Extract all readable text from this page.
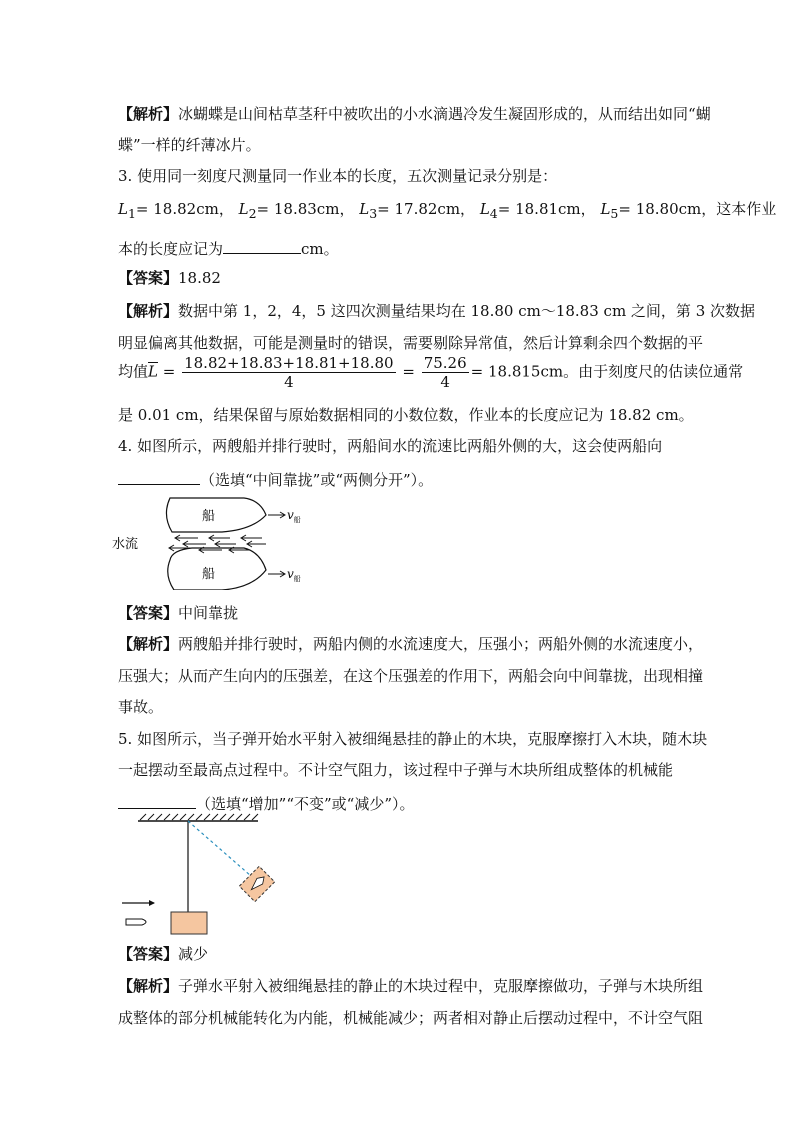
【解析】冰蝴蝶是山间枯草茎秆中被吹出的小水滴遇冷发生凝固形成的，从而结出如同“蝴
蝶”一样的纤薄冰片。
3. 使用同一刻度尺测量同一作业本的长度，五次测量记录分别是：
$L_1= 18.82cm$， $L_2= 18.83cm$， $L_3= 17.82cm$， $L_4= 18.81cm$， $L_5= 18.80cm$，这本作业
本的长度应记为	cm。
【答案】18.82
【解析】数据中第 1，2，4，5 这四次测量结果均在 18.80 cm～18.83 cm 之间，第 3 次数据
明显偏离其他数据，可能是测量时的错误，需要剔除异常值，然后计算剩余四个数据的平
均值$\overline{L} = \frac{18.82+18.83+18.81+18.80}{4} = \frac{75.26}{4} = 18.815cm$。由于刻度尺的估读位通常
是 0.01 cm，结果保留与原始数据相同的小数位数，作业本的长度应记为 18.82 cm。
4. 如图所示，两艘船并排行驶时，两船间水的流速比两船外侧的大，这会使两船向
（选填“中间靠拢”或“两侧分开”）。
船	$v_船$
船	$v_船$
水流
【答案】中间靠拢
【解析】两艘船并排行驶时，两船内侧的水流速度大，压强小；两船外侧的水流速度小，
压强大；从而产生向内的压强差，在这个压强差的作用下，两船会向中间靠拢，出现相撞
事故。
5. 如图所示，当子弹开始水平射入被细绳悬挂的静止的木块，克服摩擦打入木块，随木块
一起摆动至最高点过程中。不计空气阻力，该过程中子弹与木块所组成整体的机械能
（选填“增加”“不变”或“减少”）。
【答案】减少
【解析】子弹水平射入被细绳悬挂的静止的木块过程中，克服摩擦做功，子弹与木块所组
成整体的部分机械能转化为内能，机械能减少；两者相对静止后摆动过程中，不计空气阻
